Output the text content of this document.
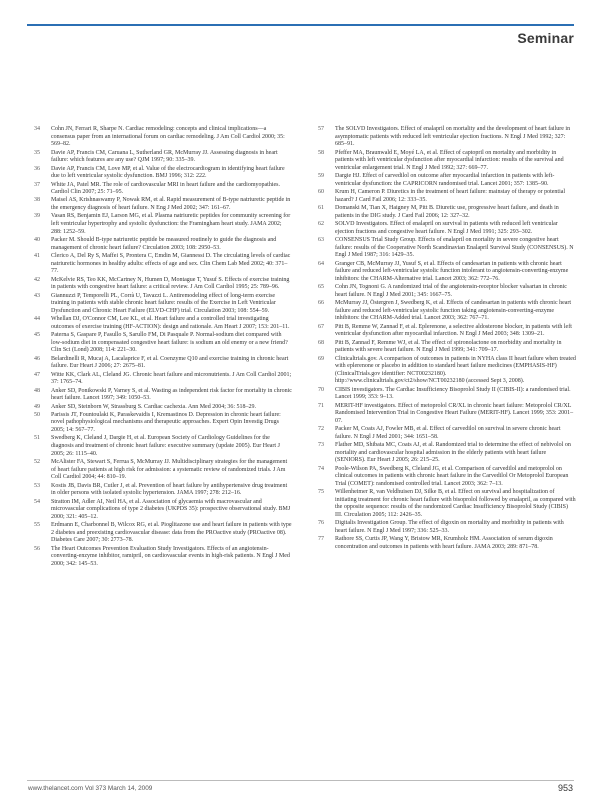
Seminar
34	Cohn JN, Ferrari R, Sharpe N. Cardiac remodeling: concepts and clinical implications—a consensus paper from an international forum on cardiac remodeling. J Am Coll Cardiol 2000; 35: 569–82.
35	Davie AP, Francis CM, Caruana L, Sutherland GR, McMurray JJ. Assessing diagnosis in heart failure: which features are any use? QJM 1997; 90: 335–39.
36	Davie AP, Francis CM, Love MP, et al. Value of the electrocardiogram in identifying heart failure due to left ventricular systolic dysfunction. BMJ 1996; 312: 222.
37	White JA, Patel MR. The role of cardiovascular MRI in heart failure and the cardiomyopathies. Cardiol Clin 2007; 25: 71–95.
38	Maisel AS, Krishnaswamy P, Nowak RM, et al. Rapid measurement of B-type natriuretic peptide in the emergency diagnosis of heart failure. N Eng J Med 2002; 347: 161–67.
39	Vasan RS, Benjamin EJ, Larson MG, et al. Plasma natriuretic peptides for community screening for left ventricular hypertrophy and systolic dysfunction: the Framingham heart study. JAMA 2002; 288: 1252–59.
40	Packer M. Should B-type natriuretic peptide be measured routinely to guide the diagnosis and management of chronic heart failure? Circulation 2003; 108: 2950–53.
41	Clerico A, Del Ry S, Maffei S, Prontera C, Emdin M, Giannessi D. The circulating levels of cardiac natriuretic hormones in healthy adults: effects of age and sex. Clin Chem Lab Med 2002; 40: 371–77.
42	McKelvie RS, Teo KK, McCartney N, Humen D, Montague T, Yusuf S. Effects of exercise training in patients with congestive heart failure: a critical review. J Am Coll Cardiol 1995; 25: 789–96.
43	Giannuzzi P, Temporelli PL, Corrà U, Tavazzi L. Antiremodeling effect of long-term exercise training in patients with stable chronic heart failure: results of the Exercise in Left Ventricular Dysfunction and Chronic Heart Failure (ELVD-CHF) trial. Circulation 2003; 108: 554–59.
44	Whellan DJ, O'Connor CM, Lee KL, et al. Heart failure and a controlled trial investigating outcomes of exercise training (HF-ACTION): design and rationale. Am Heart J 2007; 153: 201–11.
45	Paterna S, Gaspare P, Fasullo S, Sarullo FM, Di Pasquale P. Normal-sodium diet compared with low-sodium diet in compensated congestive heart failure: is sodium an old enemy or a new friend? Clin Sci (Lond) 2008; 114: 221–30.
46	Belardinelli R, Mucaj A, Lacalaprice F, et al. Coenzyme Q10 and exercise training in chronic heart failure. Eur Heart J 2006; 27: 2675–81.
47	Witte KK, Clark AL, Cleland JG. Chronic heart failure and micronutrients. J Am Coll Cardiol 2001; 37: 1765–74.
48	Anker SD, Ponikowski P, Varney S, et al. Wasting as independent risk factor for mortality in chronic heart failure. Lancet 1997; 349: 1050–53.
49	Anker SD, Steinborn W, Strassburg S. Cardiac cachexia. Ann Med 2004; 36: 518–29.
50	Parissis JT, Fountoulaki K, Paraskevaidis I, Kremastinos D. Depression in chronic heart failure: novel pathophysiological mechanisms and therapeutic approaches. Expert Opin Investig Drugs 2005; 14: 567–77.
51	Swedberg K, Cleland J, Dargie H, et al. European Society of Cardiology Guidelines for the diagnosis and treatment of chronic heart failure: executive summary (update 2005). Eur Heart J 2005; 26: 1115–40.
52	McAlister FA, Stewart S, Ferrua S, McMurray JJ. Multidisciplinary strategies for the management of heart failure patients at high risk for admission: a systematic review of randomized trials. J Am Coll Cardiol 2004; 44: 810–19.
53	Kostis JB, Davis BR, Cutler J, et al. Prevention of heart failure by antihypertensive drug treatment in older persons with isolated systolic hypertension. JAMA 1997; 278: 212–16.
54	Stratton IM, Adler AI, Neil HA, et al. Association of glycaemia with macrovascular and microvascular complications of type 2 diabetes (UKPDS 35): prospective observational study. BMJ 2000; 321: 405–12.
55	Erdmann E, Charbonnel B, Wilcox RG, et al. Pioglitazone use and heart failure in patients with type 2 diabetes and preexisting cardiovascular disease: data from the PROactive study (PROactive 08). Diabetes Care 2007; 30: 2773–78.
56	The Heart Outcomes Prevention Evaluation Study Investigators. Effects of an angiotensin-converting-enzyme inhibitor, ramipril, on cardiovascular events in high-risk patients. N Engl J Med 2000; 342: 145–53.
57	The SOLVD Investigators. Effect of enalapril on mortality and the development of heart failure in asymptomatic patients with reduced left ventricular ejection fractions. N Engl J Med 1992; 327: 685–91.
58	Pfeffer MA, Braunwald E, Moyé LA, et al. Effect of captopril on mortality and morbidity in patients with left ventricular dysfunction after myocardial infarction: results of the survival and ventricular enlargement trial. N Engl J Med 1992; 327: 669–77.
59	Dargie HJ. Effect of carvedilol on outcome after myocardial infarction in patients with left-ventricular dysfunction: the CAPRICORN randomised trial. Lancet 2001; 357: 1385–90.
60	Krum H, Cameron P. Diuretics in the treatment of heart failure: mainstay of therapy or potential hazard? J Card Fail 2006; 12: 333–35.
61	Domanski M, Tian X, Haigney M, Pitt B. Diuretic use, progressive heart failure, and death in patients in the DIG study. J Card Fail 2006; 12: 327–32.
62	SOLVD Investigators. Effect of enalapril on survival in patients with reduced left ventricular ejection fractions and congestive heart failure. N Engl J Med 1991; 325: 293–302.
63	CONSENSUS Trial Study Group. Effects of enalapril on mortality in severe congestive heart failure: results of the Cooperative North Scandinavian Enalapril Survival Study (CONSENSUS). N Engl J Med 1987; 316: 1429–35.
64	Granger CB, McMurray JJ, Yusuf S, et al. Effects of candesartan in patients with chronic heart failure and reduced left-ventricular systolic function intolerant to angiotensin-converting-enzyme inhibitors: the CHARM-Alternative trial. Lancet 2003; 362: 772–76.
65	Cohn JN, Tognoni G. A randomized trial of the angiotensin-receptor blocker valsartan in chronic heart failure. N Engl J Med 2001; 345: 1667–75.
66	McMurray JJ, Östergren J, Swedberg K, et al. Effects of candesartan in patients with chronic heart failure and reduced left-ventricular systolic function taking angiotensin-converting-enzyme inhibitors: the CHARM-Added trial. Lancet 2003; 362: 767–71.
67	Pitt B, Remme W, Zannad F, et al. Eplerenone, a selective aldosterone blocker, in patients with left ventricular dysfunction after myocardial infarction. N Engl J Med 2003; 348: 1309–21.
68	Pitt B, Zannad F, Remme WJ, et al. The effect of spironolactone on morbidity and mortality in patients with severe heart failure. N Engl J Med 1999; 341: 709–17.
69	Clinicaltrials.gov. A comparison of outcomes in patients in NYHA class II heart failure when treated with eplerenone or placebo in addition to standard heart failure medicines (EMPHASIS-HF) (ClinicalTrials.gov identifier: NCT00232180). http://www.clinicaltrials.gov/ct2/show/NCT00232180 (accessed Sept 3, 2008).
70	CIBIS investigators. The Cardiac Insufficiency Bisoprolol Study II (CIBIS-II): a randomised trial. Lancet 1999; 353: 9–13.
71	MERIT-HF investigators. Effect of metoprolol CR/XL in chronic heart failure: Metoprolol CR/XL Randomised Intervention Trial in Congestive Heart Failure (MERIT-HF). Lancet 1999; 353: 2001–07.
72	Packer M, Coats AJ, Fowler MB, et al. Effect of carvedilol on survival in severe chronic heart failure. N Engl J Med 2001; 344: 1651–58.
73	Flather MD, Shibata MC, Coats AJ, et al. Randomized trial to determine the effect of nebivolol on mortality and cardiovascular hospital admission in the elderly patients with heart failure (SENIORS). Eur Heart J 2005; 26: 215–25.
74	Poole-Wilson PA, Swedberg K, Cleland JG, et al. Comparison of carvedilol and metoprolol on clinical outcomes in patients with chronic heart failure in the Carvedilol Or Metoprolol European Trial (COMET): randomised controlled trial. Lancet 2003; 362: 7–13.
75	Willenheimer R, van Veldhuisen DJ, Silke B, et al. Effect on survival and hospitalization of initiating treatment for chronic heart failure with bisoprolol followed by enalapril, as compared with the opposite sequence: results of the randomized Cardiac Insufficiency Bisoprolol Study (CIBIS) III. Circulation 2005; 112: 2426–35.
76	Digitalis Investigation Group. The effect of digoxin on mortality and morbidity in patients with heart failure. N Engl J Med 1997; 336: 525–33.
77	Rathore SS, Curtis JP, Wang Y, Bristow MR, Krumholz HM. Association of serum digoxin concentration and outcomes in patients with heart failure. JAMA 2003; 289: 871–78.
www.thelancet.com Vol 373 March 14, 2009	953
